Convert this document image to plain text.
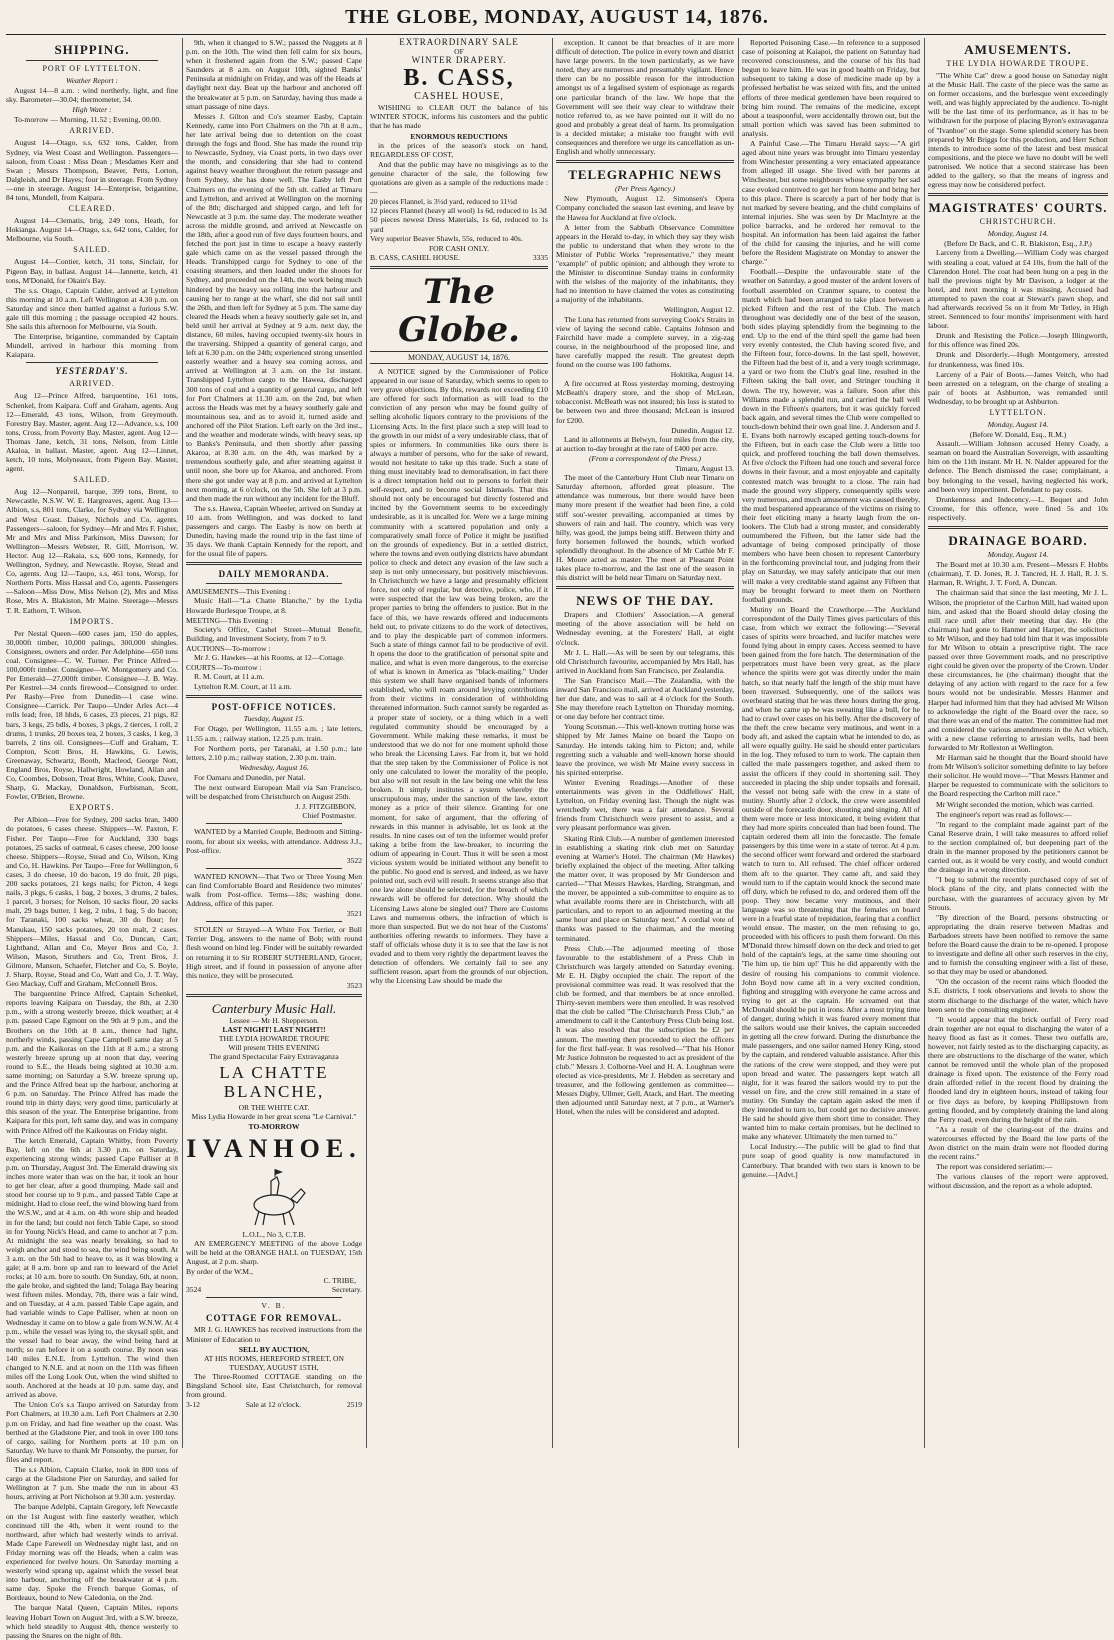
THE GLOBE, MONDAY, AUGUST 14, 1876.
SHIPPING.
PORT OF LYTTELTON.
Weather Report :

August 14—8 a.m. : wind northerly, light, and fine sky. Barometer—30.04; thermometer, 34.

High Water :

To-morrow — Morning, 11.52 ; Evening, 00.00.

ARRIVED.

August 14—Otago, s.s, 632 tons, Calder, from Sydney, via West Coast and Wellington. Passengers—saloon, from Coast : Miss Dean ; Mesdames Kerr and Swan ; Messrs Thompson, Beaver, Petts, Lorton, Dalgleish, and Dr Hayes; four in steerage. From Sydney—one in steerage. August 14—Enterprise, brigantine, 84 tons, Mundell, from Kaipara.

CLEARED.

August 14—Clematis, brig, 249 tons, Heath, for Hokianga. August 14—Otago, s.s, 642 tons, Calder, for Melbourne, via South.

SAILED.

August 14—Contier, ketch, 31 tons, Sinclair, for Pigeon Bay, in ballast. August 14—Jannette, ketch, 41 tons, M'Donald, for Okain's Bay.

The s.s. Otago, Captain Calder, arrived at Lyttelton this morning at 10 a.m. Left Wellington at 4.30 p.m. on Saturday and since then battled against a furious S.W. gale till this morning ; the passage occupied 42 hours. She sails this afternoon for Melbourne, via South.

The Enterprise, brigantine, commanded by Captain Mundell, arrived in harbour this morning from Kaiapara.

YESTERDAY'S.
ARRIVED.

Aug 12—Prince Alfred, barquentine, 161 tons, Schenkel, from Kaipara. Cuff and Graham, agents. Aug 12—Emerald, 43 tons, Wilson, from Greymouth. Forestry Bay. Master, agent. Aug 12—Advance, s.s, 100 tons, Cross, from Poverty Bay. Master, agent. Aug 12—Thomas Jane, ketch, 31 tons, Nelson, from Little Akaloa, in ballast. Master, agent. Aug 12—Linnet, ketch, 10 tons, Molyneaux, from Pigeon Bay. Master, agent.

SAILED.

Aug 12—Nonpareil, barque, 399 tons, Brent, to Newcastle, N.S.W. W. E. Hargreaves, agent. Aug 13—Albion, s.s, 801 tons, Clarke, for Sydney via Wellington and West Coast. Daisey, Nichols and Co, agents. Passengers—saloon, for Sydney—Mr and Mrs F. Fisher, Mr and Mrs and Miss Parkinson, Miss Dawson; for Wellington—Messrs Webster, R. Gill, Morrison, W. Hector. Aug 12—Rakaia, s.s, 600 tons, Kennedy, for Wellington, Sydney, and Newcastle. Royse, Stead and Co, agents. Aug 12—Taupo, s.s, 461 tons, Worsp, for Northern Ports. Miss Hassal and Co, agents. Passengers—Saloon—Miss Dow, Miss Nelson (2), Mrs and Miss Rose, Mrs A. Blakiston, Mr Maine. Steerage—Messrs T. R. Eathorn, T. Wilson.

IMPORTS.

Per Nestal Queen—600 cases jam, 150 do apples, 30,000ft timber, 10,000 palings, 300,000 shingles. Consignees, owners and order. Per Adelphine—650 tons coal. Consignee—C. W. Turner. Per Prince Alfred—100,000ft timber. Consignee—W. Montgomery and Co. Per Emerald—27,000ft timber. Consignee—J. B. Way. Per Kestrel—34 cords firewood—Consigned to order. Per Rashy—Free from Dunedin—1 case wine. Consignee—Carrick. Per Taupo—Under Arles Act—4 rolls lead; free, 18 hhds, 6 cases, 23 pieces, 21 pigs, 82 bars, 3 kegs, 25 bdls, 4 boxes, 3 pkgs, 2 tierces, 1 roll, 2 drums, 1 trunks, 20 boxes tea, 2 boxes, 3 casks, 1 keg, 3 barrels, 2 tins oil. Consignees—Cuff and Graham, T. Compton, Scott Bros, H. Hawkins, G. Lewis, Greenaway, Schwartz, Booth, Macleod, George Nott, England Bros, Royse, Hallwright, Howland, Allan and Co, Coombes, Dobson, Treat Bros, White, Cook, Dawe, Sharp, G. Mackay, Donaldson, Furbisman, Scott, Fowler, O'Brien, Browne.

EXPORTS.

Per Albion—Free for Sydney, 200 sacks bran, 3400 do potatoes, 6 cases cheese. Shippers—W. Paxton, F. Fisher. Per Taupo—Free for Auckland, 330 bags potatoes, 25 sacks of oatmeal, 6 cases cheese, 200 loose cheese. Shippers—Royse, Stead and Co, Wilson, King and Co, H. Hawkins. Per Taupo—Free for Wellington, 6 cases, 3 do cheese, 10 do bacon, 19 do fruit, 20 pigs, 200 sacks potatoes, 21 kegs nails; for Picton, 4 kegs nails, 3 pkgs, 6 casks, 1 bag, 2 boxes, 3 drums, 2 bales, 1 parcel, 3 horses; for Nelson, 10 sacks flour, 20 sacks malt, 29 bags butter, 1 keg, 2 tubs, 1 bag, 5 do bacon; for Taranaki, 100 sacks wheat, 30 do flour; for Manukau, 150 sacks potatoes, 20 ton malt, 2 cases. Shippers—Miles, Hassal and Co, Duncan, Carr, Lightband, Allan and Co, Meyer Bros and Co, J. Wilson, Mason, Struthers and Co, Trent Bros, J. Gilmore, Manson, Schaefer, Fletcher and Co, S. Boyle, J. Sharp, Royse, Stead and Co, Watt and Co, J. T. Way, Geo Mackay, Cuff and Graham, McConnell Bros.

The barquentine Prince Alfred, Captain Schenkel, reports leaving Kaipara on Tuesday, the 8th, at 2.30 p.m., with a strong westerly breeze, thick weather; at 4 p.m. passed Cape Egmont on the 9th at 9 p.m., and the Brothers on the 10th at 8 a.m., thence had light, northerly winds, passing Cape Campbell same day at 5 p.m. and the Kaikoras on the 11th at 8 a.m.; a strong westerly breeze sprung up at noon that day, veering round to S.E., the Heads being sighted at 10.30 a.m. same morning; on Saturday a S.W. breeze sprung up, and the Prince Alfred beat up the harbour, anchoring at 6 p.m. on Saturday. The Prince Alfred has made the round trip in thirty days; very good time, particularly at this season of the year. The Enterprise brigantine, from Kaipara for this port, left same day, and was in company with Prince Alfred off the Kaikouras on Friday night.

The ketch Emerald, Captain Whitby, from Poverty Bay, left on the 6th at 3.30 p.m. on Saturday, experiencing strong winds; passed Cape Palliser at 8 p.m. on Thursday, August 3rd. The Emerald drawing six inches more water than was on the bar, it took an hour to get her clear, after a good thumping. Made sail and stood her course up to 9 p.m., and passed Table Cape at midnight. Had to close reef, the wind blowing hard from the W.S.W., and at 4 a.m. on 4th wore ship and headed in for the land; but could not fetch Table Cape, so stood in for Young Nick's Head, and came to anchor at 7 p.m. At midnight the sea was nearly breaking, so had to weigh anchor and stood to sea, the wind being south. At 3 a.m. on the 5th had to heave to, as it was blowing a gale; at 8 a.m. bore up and ran to leeward of the Ariel rocks; at 10 a.m. bore to south. On Sunday, 6th, at noon, the gale broke, and sighted the land; Tolaga Bay bearing west fifteen miles. Monday, 7th, there was a fair wind, and on Tuesday, at 4 a.m. passed Table Cape again, and had variable winds to Cape Palliser, when at noon on Wednesday it came on to blow a gale from W.N.W. At 4 p.m., while the vessel was lying to, the skysail split, and the vessel had to bear away, the wind being hard at north; so ran before it on a south course. By noon was 140 miles E.N.E. from Lyttelton. The wind then changed to N.N.E. and at noon on the 11th was fifteen miles off the Long Look Out, when the wind shifted to south. Anchored at the heads at 10 p.m. same day, and arrived as above.

The Union Co's s.s Taupo arrived on Saturday from Port Chalmers, at 10.30 a.m. Left Port Chalmers at 2.30 p.m on Friday, and had fine weather up the coast. Was berthed at the Gladstone Pier, and took in over 100 tons of cargo, sailing for Northern ports at 10 p.m on Saturday. We have to thank Mr Ponsonby, the purser, for files and report.

The s.s Albion, Captain Clarke, took in 800 tons of cargo at the Gladstone Pier on Saturday, and sailed for Wellington at 7 p.m. She made the run in about 43 hours, arriving at Port Nicholson at 9.30 a.m. yesterday.

The barque Adelphi, Captain Gregory, left Newcastle on the 1st August with fine easterly weather, which continued till the 4th, when it went round to the northward, after which had westerly winds to arrival. Made Cape Farewell on Wednesday night last, and on Friday morning was off the Heads, when a calm was experienced for twelve hours. On Saturday morning a westerly wind sprang up, against which the vessel beat into harbour, anchoring off the breakwater at 4 p.m. same day. Spoke the French barque Gomas, of Bordeaux, bound to New Caledonia, on the 2nd.

The barque Natal Queen, Captain Miles, reports leaving Hobart Town on August 3rd, with a S.W. breeze, which held steadily to August 4th, thence westerly to passing the Snares on the night of 8th.

9th, when it changed to S.W.; passed the Nuggets at 8 p.m. on the 10th. The wind then fell calm for six hours, when it freshened again from the S.W.; passed Cape Saunders at 8 a.m. on August 10th, sighted Banks' Peninsula at midnight on Friday, and was off the Heads at daylight next day. Beat up the harbour and anchored off the breakwater at 5 p.m. on Saturday, having thus made a smart passage of nine days.

Messrs J. Gilton and Co's steamer Easby, Captain Kennedy, came into Port Chalmers on the 7th at 8 a.m., her late arrival being due to detention on the coast through the fogs and flood. She has made the round trip to Newcastle, Sydney, via Coast ports, in two days over the month, and considering that she had to contend against heavy weather throughout the return passage and from Sydney, she has done well. The Easby left Port Chalmers on the evening of the 5th ult. called at Timaru and Lyttelton, and arrived at Wellington on the morning of the 8th; discharged and shipped cargo, and left for Newcastle at 3 p.m. the same day. The moderate weather across the middle ground, and arrived at Newcastle on the 18th, after a good run of five days fourteen hours, and fetched the port just in time to escape a heavy easterly gale which came on as the vessel passed through the Heads. Transhipped cargo for Sydney to one of the coasting steamers, and then loaded under the shoots for Sydney, and proceeded on the 14th, the work being much hindered by the heavy sea rolling into the harbour and causing her to range at the wharf, she did not sail until the 26th, and then left for Sydney at 5 p.m. The same day cleared the Heads when a heavy southerly gale set in, and held until her arrival at Sydney at 9 a.m. next day, the distance, 60 miles, having occupied twenty-six hours in the traversing. Shipped a quantity of general cargo, and left at 6.30 p.m. on the 24th; experienced strong unsettled easterly weather and a heavy sea coming across, and arrived at Wellington at 3 a.m. on the 1st instant. Transhipped Lyttelton cargo to the Hawea, discharged 300 tons of coal and a quantity of general cargo, and left for Port Chalmers at 11.30 a.m. on the 2nd, but when across the Heads was met by a heavy southerly gale and mountainous sea, and as to avoid it, turned aside and anchored off the Pilot Station. Left early on the 3rd inst., and the weather and moderate winds, with heavy seas, up to Banks's Peninsula, and then shortly after passing Akaroa, at 8.30 a.m. on the 4th, was marked by a tremendous southerly gale, and after steaming against it until noon, she bore up for Akaroa, and anchored. From there she got under way at 8 p.m. and arrived at Lyttelton next morning, at 6 o'clock, on the 5th. She left at 3 p.m. and then made the run without any incident for the Bluff.

The s.s. Hawea, Captain Wheeler, arrived on Sunday at 10 a.m. from Wellington, and was docked to land passengers and cargo. The Easby is now on berth at Dunedin, having made the round trip in the fast time of 35 days. We thank Captain Kennedy for the report, and for the usual file of papers.

DAILY MEMORANDA.
AMUSEMENTS—This Evening :

Music Hall—"La Chatte Blanche," by the Lydia Howarde Burlesque Troupe, at 8.

MEETING—This Evening :

Society's Office, Cashel Street—Mutual Benefit, Building, and Investment Society, from 7 to 9.

AUCTIONS—To-morrow :

Mr J. G. Hawkes—at his Rooms, at 12—Cottage.

COURTS—To-morrow :

R. M. Court, at 11 a.m.

Lyttelton R.M. Court, at 11 a.m.

POST-OFFICE NOTICES.
Tuesday, August 15.

For Otago, per Wellington, 11.55 a.m. ; late letters, 11.55 a.m. ; railway station, 12.25 p.m. train.

For Northern ports, per Taranaki, at 1.50 p.m.; late letters, 2.10 p.m.; railway station, 2.30 p.m. train.

Wednesday, August 16.

For Oamaru and Dunedin, per Natal.

The next outward European Mail via San Francisco, will be despatched from Christchurch on August 25th.

J. J. FITZGIBBON,
Chief Postmaster.

WANTED by a Married Couple, Bedroom and Sitting-room, for about six weeks, with attendance. Address J.J., Post-office.

3522

WANTED KNOWN—That Two or Three Young Men can find Comfortable Board and Residence two minutes' walk from Post-office. Terms—18s; washing done. Address, office of this paper.

3521

STOLEN or Strayed—A White Fox Terrier, or Bull Terrier Dog, answers to the name of Bob; with round flesh wound on hind leg. Finder will be suitably rewarded on returning it to Sir ROBERT SUTHERLAND, Grocer, High street, and if found in possession of anyone after this notice, they will be prosecuted.

3523
Canterbury Music Hall.
Lessee — Mr H. Shepperson.
LAST NIGHT! LAST NIGHT!!
THE LYDIA HOWARDE TROUPE
Will present THIS EVENING
The grand Spectacular Fairy Extravaganza
LA CHATTE BLANCHE,
OR THE WHITE CAT.
Miss Lydia Howarde in her great scena "Le Carnival."
TO-MORROW
IVANHOE.
L.O.L., No 3, C.T.B.

AN EMERGENCY MEETING of the above Lodge will be held at the ORANGE HALL on TUESDAY, 15th August, at 2 p.m. sharp.

By order of the W.M.,
C. TRIBE,
3524	Secretary.
V. B.
COTTAGE FOR REMOVAL.

MR J. G. HAWKES has received instructions from the Minister of Education to

SELL BY AUCTION,
AT HIS ROOMS, HEREFORD STREET, ON TUESDAY, AUGUST 15TH,

The Three-Roomed COTTAGE standing on the Bingsland School site, East Christchurch, for removal from ground.

3-12	Sale at 12 o'clock.	2519
EXTRAORDINARY SALE
OF
WINTER DRAPERY.
B. CASS,
CASHEL HOUSE,

WISHING to CLEAR OUT the balance of his WINTER STOCK, informs his customers and the public that he has made

ENORMOUS REDUCTIONS

in the prices of the season's stock on hand, REGARDLESS OF COST,

And that the public may have no misgivings as to the genuine character of the sale, the following few quotations are given as a sample of the reductions made :—

20 pieces Flannel, is 3½d yard, reduced to 11½d
12 pieces Flannel (heavy all wool) 1s 6d, reduced to 1s 3d
50 pieces newest Dress Materials, 1s 6d, reduced to 1s yard
Very superior Beaver Shawls, 55s, reduced to 40s.

FOR CASH ONLY.
B. CASS, CASHEL HOUSE.	3335
The Globe.
MONDAY, AUGUST 14, 1876.

A NOTICE signed by the Commissioner of Police appeared in our issue of Saturday, which seems to open to very grave objections. By this, rewards not exceeding £10 are offered for such information as will lead to the conviction of any person who may be found guilty of selling alcoholic liquors contrary to the provisions of the Licensing Acts. In the first place such a step will lead to the growth in our midst of a very undesirable class, that of spies or informers. In communities like ours there is always a number of persons, who for the sake of reward, would not hesitate to take up this trade. Such a state of thing must inevitably lead to demoralisation, in fact there is a direct temptation held out to persons to forfeit their self-respect, and to become social Ishmaels. That this should not only be encouraged but directly fostered and incited by the Government seems to be exceedingly undesirable, as it is uncalled for. Were we a large mining community with a scattered population and only a comparatively small force of Police it might be justified on the grounds of expediency. But in a settled district, where the towns and even outlying districts have abundant police to check and detect any evasion of the law such a step is not only unnecessary, but positively mischievous. In Christchurch we have a large and presumably efficient force, not only of regular, but detective, police, who, if it were suspected that the law was being broken, are the proper parties to bring the offenders to justice. But in the face of this, we have rewards offered and inducements held out, to private citizens to do the work of detectives, and to play the despicable part of common informers. Such a state of things cannot fail to be productive of evil. It opens the door to the gratification of personal spite and malice, and what is even more dangerous, to the exercise of what is known in America as "black-mailing." Under this system we shall have organised bands of informers established, who will roam around levying contributions from their victims in consideration of withholding threatened information. Such cannot surely be regarded as a proper state of society, or a thing which in a well regulated community should be encouraged by a Government. While making these remarks, it must be understood that we do not for one moment uphold those who break the Licensing Laws. Far from it, but we hold that the step taken by the Commissioner of Police is not only one calculated to lower the morality of the people, but also will not result in the law being one whit the less broken. It simply institutes a system whereby the unscrupulous may, under the sanction of the law, extort money as a price of their silence. Granting for one moment, for sake of argument, that the offering of rewards in this manner is advisable, let us look at the results. In nine cases out of ten the informer would prefer taking a bribe from the law-breaker, to incurring the odium of appearing in Court. Thus it will be seen a most vicious system would be initiated without any benefit to the public. No good end is served, and indeed, as we have pointed out, such evil will result. It seems strange also that one law alone should be selected, for the breach of which rewards will be offered for detection. Why should the Licensing Laws alone be singled out? There are Customs Laws and numerous others, the infraction of which is more than suspected. But we do not hear of the Customs' authorities offering rewards to informers. They have a staff of officials whose duty it is to see that the law is not evaded and to them very rightly the department leaves the detection of offenders. We certainly fail to see any sufficient reason, apart from the grounds of our objection, why the Licensing Law should be made the

exception. It cannot be that breaches of it are more difficult of detection. The police in every town and district have large powers. In the town particularly, as we have noted, they are numerous and presumably vigilant. Hence there can be no possible reason for the introduction amongst us of a legalised system of espionage as regards one particular branch of the law. We hope that the Government will see their way clear to withdraw their notice referred to, as we have pointed out it will do no good and probably a great deal of harm. Its promulgation is a decided mistake; a mistake too fraught with evil consequences and therefore we urge its cancellation as un-English and wholly unnecessary.

TELEGRAPHIC NEWS
(Per Press Agency.)

New Plymouth, August 12. Simonsen's Opera Company concluded the season last evening, and leave by the Hawea for Auckland at five o'clock.

A letter from the Sabbath Observance Committee appears in the Herald to-day, in which they say they wish the public to understand that when they wrote to the Minister of Public Works "representative," they meant "example" of public opinion; and although they wrote to the Minister to discontinue Sunday trains in conformity with the wishes of the majority of the inhabitants, they had no intention to have claimed the votes as constituting a majority of the inhabitants.

Wellington, August 12.

The Luna has returned from surveying Cook's Straits in view of laying the second cable. Captains Johnson and Fairchild have made a complete survey, in a zig-zag course, in the neighbourhood of the proposed line, and have carefully mapped the result. The greatest depth found on the course was 100 fathoms.

Hokitika, August 14.

A fire occurred at Ross yesterday morning, destroying McBeath's drapery store, and the shop of McLean, tobacconist. McBeath was not insured; his loss is stated to be between two and three thousand; McLean is insured for £200.

Dunedin, August 12.

Land in allotments at Belwyn, four miles from the city, at auction to-day brought at the rate of £400 per acre.

(From a correspondent of the Press.)
Timaru, August 13.

The meet of the Canterbury Hunt Club near Timaru on Saturday afternoon, afforded great pleasure. The attendance was numerous, but there would have been many more present if the weather had been fine, a cold stiff sou'-wester prevailing, accompanied at times by showers of rain and hail. The country, which was very hilly, was good, the jumps being stiff. Between thirty and forty horsemen followed the hounds, which worked splendidly throughout. In the absence of Mr Cathie Mr F. H. Moore acted as master. The meet at Pleasant Point takes place to-morrow, and the last one of the season in this district will be held near Timaru on Saturday next.

NEWS OF THE DAY.

Drapers and Clothiers' Association.—A general meeting of the above association will be held on Wednesday evening, at the Foresters' Hall, at eight o'clock.

Mr J. L. Hall.—As will be seen by our telegrams, this old Christchurch favourite, accompanied by Mrs Hall, has arrived in Auckland from San Francisco, per Zealandia.

The San Francisco Mail.—The Zealandia, with the inward San Francisco mail, arrived at Auckland yesterday, her due date, and was to sail at 4 o'clock for the South. She may therefore reach Lyttelton on Thursday morning, or one day before her contract time.

Young Scotsman.—This well-known trotting horse was shipped by Mr James Maine on board the Taupo on Saturday. He intends taking him to Picton; and, while regretting such a valuable and well-known horse should leave the province, we wish Mr Maine every success in his spirited enterprise.

Winter Evening Readings.—Another of these entertainments was given in the Oddfellows' Hall, Lyttelton, on Friday evening last. Though the night was wretchedly wet, there was a fair attendance. Several friends from Christchurch were present to assist, and a very pleasant performance was given.

Skating Rink Club.—A number of gentlemen interested in establishing a skating rink club met on Saturday evening at Warner's Hotel. The chairman (Mr Hawkes) briefly explained the object of the meeting. After talking the matter over, it was proposed by Mr Gunderson and carried—"That Messrs Hawkes, Harding, Strangman, and the mover, be appointed a sub-committee to enquire as to what available rooms there are in Christchurch, with all particulars, and to report to an adjourned meeting at the same hour and place on Saturday next." A cordial vote of thanks was passed to the chairman, and the meeting terminated.

Press Club.—The adjourned meeting of those favourable to the establishment of a Press Club in Christchurch was largely attended on Saturday evening. Mr E. H. Digby occupied the chair. The report of the provisional committee was read. It was resolved that the club be formed, and that members be at once enrolled. Thirty-seven members were then enrolled. It was resolved that the club be called "The Christchurch Press Club," an amendment to call it the Canterbury Press Club being lost. It was also resolved that the subscription be £2 per annum. The meeting then proceeded to elect the officers for the first half-year. It was resolved—"That his Honor Mr Justice Johnston be requested to act as president of the club." Messrs J. Colborne-Veel and H. A. Loughnan were elected as vice-presidents, Mr J. Hebden as secretary and treasurer, and the following gentlemen as committee—Messrs Digby, Ullmer, Gell, Atack, and Hart. The meeting then adjourned until Saturday next, at 7 p.m., at Warner's Hotel, when the rules will be considered and adopted.

Reported Poisoning Case.—In reference to a supposed case of poisoning at Kaiapoi, the patient on Saturday had recovered consciousness, and the course of his fits had begun to leave him. He was in good health on Friday, but subsequent to taking a dose of medicine made up by a professed herbalist he was seized with fits, and the united efforts of three medical gentlemen have been required to bring him round. The remains of the medicine, except about a teaspoonful, were accidentally thrown out, but the small portion which was saved has been submitted to analysis.

A Painful Case.—The Timaru Herald says:—"A girl aged about nine years was brought into Timaru yesterday from Winchester presenting a very emaciated appearance from alleged ill usage. She lived with her parents at Winchester, but some neighbours whose sympathy her sad case evoked contrived to get her from home and bring her to this place. There is scarcely a part of her body that is not marked by severe beating, and the child complains of internal injuries. She was seen by Dr MacIntyre at the police barracks, and he ordered her removal to the hospital. An information has been laid against the father of the child for causing the injuries, and he will come before the Resident Magistrate on Monday to answer the charge."

Football.—Despite the unfavourable state of the weather on Saturday, a good muster of the ardent lovers of football assembled on Cranmer square, to contest the match which had been arranged to take place between a picked Fifteen and the rest of the Club. The match throughout was decidedly one of the best of the season, both sides playing splendidly from the beginning to the end. Up to the end of the third spell the game had been very evenly contested, the Club having scored five, and the Fifteen four, force-downs. In the last spell, however, the Fifteen had the best of it, and a very tough scrimmage, a yard or two from the Club's goal line, resulted in the Fifteen taking the ball over, and Stringer touching it down. The try, however, was a failure. Soon after this Williams made a splendid run, and carried the ball well down in the Fifteen's quarters, but it was quickly forced back again, and several times the Club were compelled to touch-down behind their own goal line. J. Anderson and J. E. Evans both narrowly escaped getting touch-downs for the Fifteen, but in each case the Club were a little too quick, and proffered touching the ball down themselves. At five o'clock the Fifteen had one touch and several force downs in their favour, and a most enjoyable and capitally contested match was brought to a close. The rain had made the ground very slippery, consequently spills were very numerous, and much amusement was caused thereby, the mud bespattered appearance of the victims on rising to their feet eliciting many a hearty laugh from the on-lookers. The Club had a strong muster, and considerably outnumbered the Fifteen, but the latter side had the advantage of being composed principally of those members who have been chosen to represent Canterbury in the forthcoming provincial tour, and judging from their play on Saturday, we may safely anticipate that our men will make a very creditable stand against any Fifteen that may be brought forward to meet them on Northern football grounds.

Mutiny on Board the Crawthorpe.—The Auckland correspondent of the Daily Times gives particulars of this case, from which we extract the following:—"Several cases of spirits were broached, and lucifer matches were found lying about in empty cases. Access seemed to have been gained from the fore hatch. The determination of the perpetrators must have been very great, as the place whence the spirits were got was directly under the main hatch, so that nearly half the length of the ship must have been traversed. Subsequently, one of the sailors was overheard stating that he was three hours during the grog, and when he came up he was sweating like a bull, for he had to crawl over cases on his belly. After the discovery of the theft the crew became very mutinous, and went in a body aft, and asked the captain what he intended to do, as all were equally guilty. He said he should enter particulars in the log. They refused to turn to work. The captain then called the male passengers together, and asked them to assist the officers if they could in shortening sail. They succeeded in placing the ship under topsails and foresail, the vessel not being safe with the crew in a state of mutiny. Shortly after 2 o'clock, the crew were assembled outside of the forecastle door, shouting and singing. All of them were more or less intoxicated, it being evident that they had more spirits concealed than had been found. The captain ordered them all into the forecastle. The female passengers by this time were in a state of terror. At 4 p.m. the second officer went forward and ordered the starboard watch to turn to. All refused. The chief officer ordered them aft to the quarter. They came aft, and said they would turn to if the captain would knock the second mate off duty, which he refused to do, and ordered them off the poop. They now became very mutinous, and their language was so threatening that the females on board were in a fearful state of trepidation, fearing that a conflict would ensue. The master, on the men refusing to go, proceeded with his officers to push them forward. On this M'Donald threw himself down on the deck and tried to get hold of the captain's legs, at the same time shouting out 'Tie him up, tie him up!' This he did apparently with the desire of rousing his companions to commit violence. John Boyd now came aft in a very excited condition, fighting and struggling with everyone he came across and trying to get at the captain. He screamed out that McDonald should be put in irons. After a most trying time of danger, during which it was feared every moment that the sailors would use their knives, the captain succeeded in getting all the crew forward. During the disturbance the male passengers, and one sailor named Henry King, stood by the captain, and rendered valuable assistance. After this the rations of the crew were stopped, and they were put upon bread and water. The passengers kept watch all night, for it was feared the sailors would try to put the vessel on fire, and the crew still remained in a state of mutiny. On Sunday the captain again asked the men if they intended to turn to, but could get no decisive answer. He said he should give them short time to consider. They wanted him to make certain promises, but he declined to make any whatever. Ultimately the men turned to."

Local Industry.—The public will be glad to find that pure soap of good quality is now manufactured in Canterbury. That branded with two stars is known to be genuine.—[Advt.]

AMUSEMENTS.
THE LYDIA HOWARDE TROUPE.

"The White Cat" drew a good house on Saturday night at the Music Hall. The caste of the piece was the same as on former occasions, and the burlesque went exceedingly well, and was highly appreciated by the audience. To-night will be the last time of its performance, as it has to be withdrawn for the purpose of placing Byron's extravaganza of "Ivanhoe" on the stage. Some splendid scenery has been prepared by Mr Briggs for this production, and Herr Schott intends to introduce some of the latest and best musical compositions, and the piece we have no doubt will be well patronised. We notice that a second staircase has been added to the gallery, so that the means of ingress and egress may now be considered perfect.

MAGISTRATES' COURTS.
CHRISTCHURCH.
Monday, August 14.
(Before Dr Back, and C. R. Blakiston, Esq., J.P.)

Larceny from a Dwelling.—William Cody was charged with stealing a coat, valued at £4 10s, from the hall of the Clarendon Hotel. The coat had been hung on a peg in the hall the previous night by Mr Davison, a lodger at the hotel, and next morning it was missing. Accused had attempted to pawn the coat at Stewart's pawn shop, and had afterwards received 5s on it from Mr Tetley, in High street. Sentenced to four months' imprisonment with hard labour.

Drunk and Resisting the Police.—Joseph Illingworth, for this offence was fined 20s.

Drunk and Disorderly.—Hugh Montgomery, arrested for drunkenness, was fined 10s.

Larceny of a Pair of Boots.—James Veitch, who had been arrested on a telegram, on the charge of stealing a pair of boots at Ashburton, was remanded until Wednesday, to be brought up at Ashburton.

LYTTELTON.
Monday, August 14.
(Before W. Donald, Esq., R.M.)

Assault.—William Johnson accused Henry Coady, a seaman on board the Australian Sovereign, with assaulting him on the 11th instant. Mr H. N. Nalder appeared for the defence. The Bench dismissed the case; complainant, a boy belonging to the vessel, having neglected his work, and been very impertinent. Defendant to pay costs.

Drunkenness and Indecency.—L. Bequet and John Croome, for this offence, were fined 5s and 10s respectively.

DRAINAGE BOARD.
Monday, August 14.

The Board met at 10.30 a.m. Present—Messrs F. Hobbs (chairman), T. D. Jones, R. J. Tancred, H. J. Hall, R. J. S. Harman, R. Wright, J. T. Ford, A. Duncan.

The chairman said that since the last meeting, Mr J. L. Wilson, the proprietor of the Carlton Mill, had waited upon him, and asked that the Board should delay closing the mill race until after their meeting that day. He (the chairman) had gone to Hanmer and Harper, the solicitors to Mr Wilson, and they had told him that it was impossible for Mr Wilson to obtain a prescriptive right. The race passed over three Government roads, and no prescriptive right could be given over the property of the Crown. Under these circumstances, he (the chairman) thought that the delaying of any action with regard to the race for a few hours would not be undesirable. Messrs Hanmer and Harper had informed him that they had advised Mr Wilson to acknowledge the right of the Board over the race, so that there was an end of the matter. The committee had met and considered the various amendments in the Act which, with a new clause referring to artesian wells, had been forwarded to Mr Rolleston at Wellington.

Mr Harman said he thought that the Board should have from Mr Wilson's solicitor something definite to lay before their solicitor. He would move—"That Messrs Hanmer and Harper be requested to communicate with the solicitors to the Board respecting the Carlton mill race."

Mr Wright seconded the motion, which was carried.

The engineer's report was read as follows:—

"In regard to the complaint made against part of the Canal Reserve drain, I will take measures to afford relief to the section complained of, but deepening part of the drain in the manner proposed by the petitioners cannot be carried out, as it would be very costly, and would conduct the drainage in a wrong direction.

"I beg to submit the recently purchased copy of set of block plans of the city, and plans connected with the purchase, with the guarantees of accuracy given by Mr Strouts.

"By direction of the Board, persons obstructing or appropriating the drain reserve between Madras and Barbadoes streets have been notified to remove the same before the Board cause the drain to be re-opened. I propose to investigate and define all other such reserves in the city, and to furnish the consulting engineer with a list of these, so that they may be used or abandoned.

"On the occasion of the recent rains which flooded the S.E. districts, I took observations and levels to show the storm discharge to the discharge of the water, which have been sent to the consulting engineer.

"It would appear that the brick outfall of Ferry road drain together are not equal to discharging the water of a heavy flood as fast as it comes. These two outfalls are, however, not fairly tested as to the discharging capacity, as there are obstructions to the discharge of the water, which cannot be removed until the whole plan of the proposed drainage is fixed upon. The existence of the Ferry road drain afforded relief in the recent flood by draining the flooded land dry in eighteen hours, instead of taking four or five days as before, by keeping Phillipstown from getting flooded, and by completely draining the land along the Ferry road, even during the height of the rain.

"As a result of the clearing-out of the drains and watercourses effected by the Board the low parts of the Avon district on the main drain were not flooded during the recent rains."

The report was considered seriatim:—

The various clauses of the report were approved, without discussion, and the report as a whole adopted.
